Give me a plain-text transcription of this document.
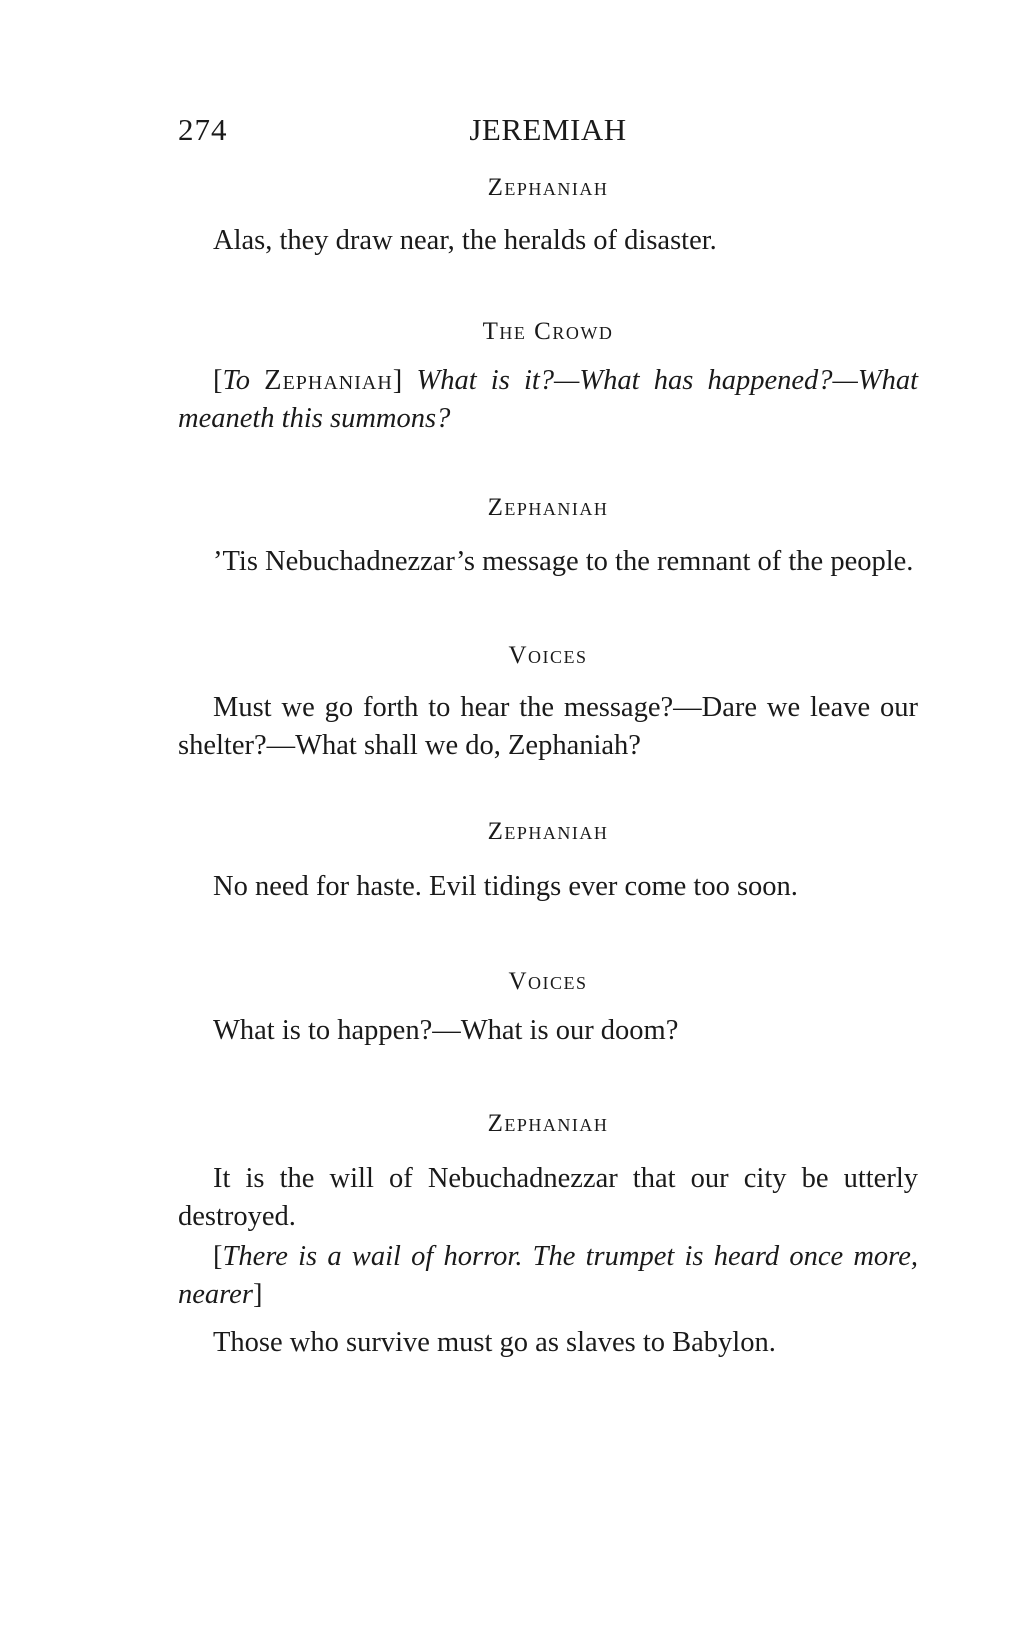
274	JEREMIAH
Zephaniah

Alas, they draw near, the heralds of disaster.

The Crowd

[To Zephaniah] What is it?—What has happened?—What meaneth this summons?

Zephaniah

’Tis Nebuchadnezzar’s message to the remnant of the people.

Voices

Must we go forth to hear the message?—Dare we leave our shelter?—What shall we do, Zephaniah?

Zephaniah

No need for haste. Evil tidings ever come too soon.

Voices

What is to happen?—What is our doom?

Zephaniah

It is the will of Nebuchadnezzar that our city be utterly destroyed.

[There is a wail of horror. The trumpet is heard once more, nearer]

Those who survive must go as slaves to Babylon.
